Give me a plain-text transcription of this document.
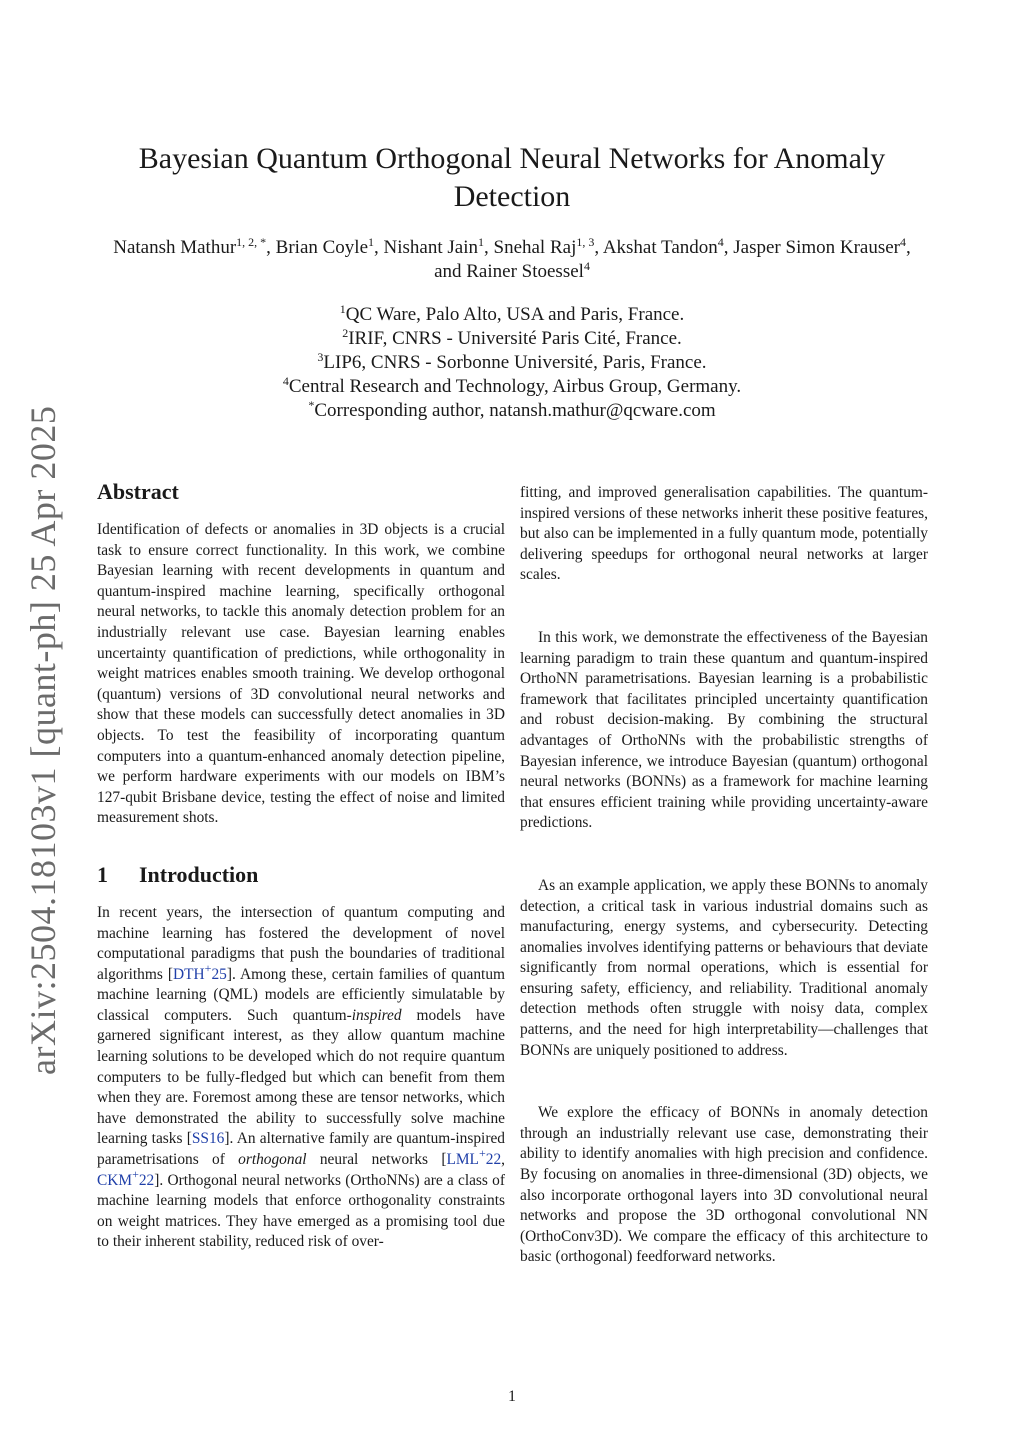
arXiv:2504.18103v1 [quant-ph] 25 Apr 2025
Bayesian Quantum Orthogonal Neural Networks for Anomaly Detection
Natansh Mathur$^{1, 2, *}$, Brian Coyle$^1$, Nishant Jain$^1$, Snehal Raj$^{1, 3}$, Akshat Tandon$^4$, Jasper Simon Krauser$^4$, and Rainer Stoessel$^4$
$^1$QC Ware, Palo Alto, USA and Paris, France.
$^2$IRIF, CNRS - Université Paris Cité, France.
$^3$LIP6, CNRS - Sorbonne Université, Paris, France.
$^4$Central Research and Technology, Airbus Group, Germany.
*Corresponding author, natansh.mathur@qcware.com
Abstract

Identification of defects or anomalies in 3D objects is a crucial task to ensure correct functionality. In this work, we combine Bayesian learning with recent developments in quantum and quantum-inspired machine learning, specifically orthogonal neural networks, to tackle this anomaly detection problem for an industrially relevant use case. Bayesian learning enables uncertainty quantification of predictions, while orthogonality in weight matrices enables smooth training. We develop orthogonal (quantum) versions of 3D convolutional neural networks and show that these models can successfully detect anomalies in 3D objects. To test the feasibility of incorporating quantum computers into a quantum-enhanced anomaly detection pipeline, we perform hardware experiments with our models on IBM’s 127-qubit Brisbane device, testing the effect of noise and limited measurement shots.

1 Introduction

In recent years, the intersection of quantum computing and machine learning has fostered the development of novel computational paradigms that push the boundaries of traditional algorithms [DTH+25]. Among these, certain families of quantum machine learning (QML) models are efficiently simulatable by classical computers. Such quantum-inspired models have garnered significant interest, as they allow quantum machine learning solutions to be developed which do not require quantum computers to be fully-fledged but which can benefit from them when they are. Foremost among these are tensor networks, which have demonstrated the ability to successfully solve machine learning tasks [SS16]. An alternative family are quantum-inspired parametrisations of orthogonal neural networks [LML+22, CKM+22]. Orthogonal neural networks (OrthoNNs) are a class of machine learning models that enforce orthogonality constraints on weight matrices. They have emerged as a promising tool due to their inherent stability, reduced risk of over-

fitting, and improved generalisation capabilities. The quantum-inspired versions of these networks inherit these positive features, but also can be implemented in a fully quantum mode, potentially delivering speedups for orthogonal neural networks at larger scales.

In this work, we demonstrate the effectiveness of the Bayesian learning paradigm to train these quantum and quantum-inspired OrthoNN parametrisations. Bayesian learning is a probabilistic framework that facilitates principled uncertainty quantification and robust decision-making. By combining the structural advantages of OrthoNNs with the probabilistic strengths of Bayesian inference, we introduce Bayesian (quantum) orthogonal neural networks (BONNs) as a framework for machine learning that ensures efficient training while providing uncertainty-aware predictions.

As an example application, we apply these BONNs to anomaly detection, a critical task in various industrial domains such as manufacturing, energy systems, and cybersecurity. Detecting anomalies involves identifying patterns or behaviours that deviate significantly from normal operations, which is essential for ensuring safety, efficiency, and reliability. Traditional anomaly detection methods often struggle with noisy data, complex patterns, and the need for high interpretability—challenges that BONNs are uniquely positioned to address.

We explore the efficacy of BONNs in anomaly detection through an industrially relevant use case, demonstrating their ability to identify anomalies with high precision and confidence. By focusing on anomalies in three-dimensional (3D) objects, we also incorporate orthogonal layers into 3D convolutional neural networks and propose the 3D orthogonal convolutional NN (OrthoConv3D). We compare the efficacy of this architecture to basic (orthogonal) feedforward networks.

1
